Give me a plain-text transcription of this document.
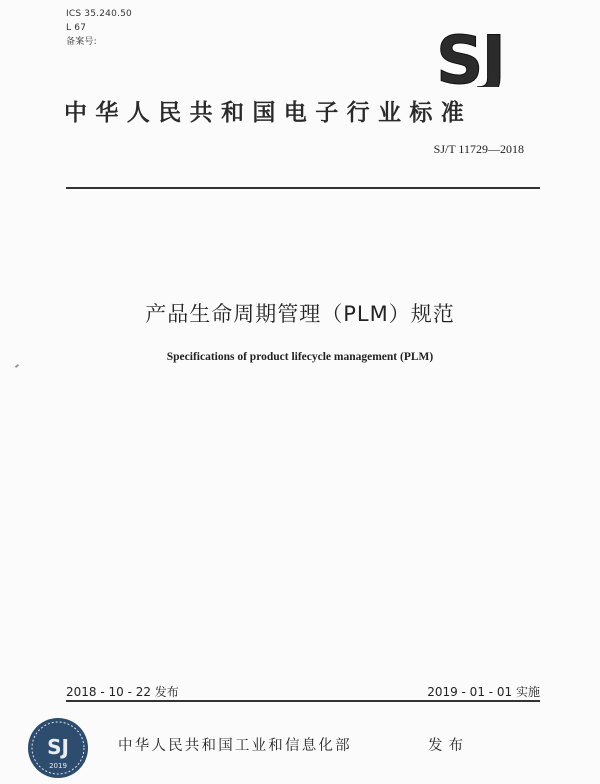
ICS 35.240.50
L 67
备案号:	SJ
中华人民共和国电子行业标准
SJ/T 11729—2018
产品生命周期管理（PLM）规范
Specifications of product lifecycle management (PLM)
2018 - 10 - 22 发布	2019 - 01 - 01 实施
SJ
2019
中华人民共和国工业和信息化部	发布
